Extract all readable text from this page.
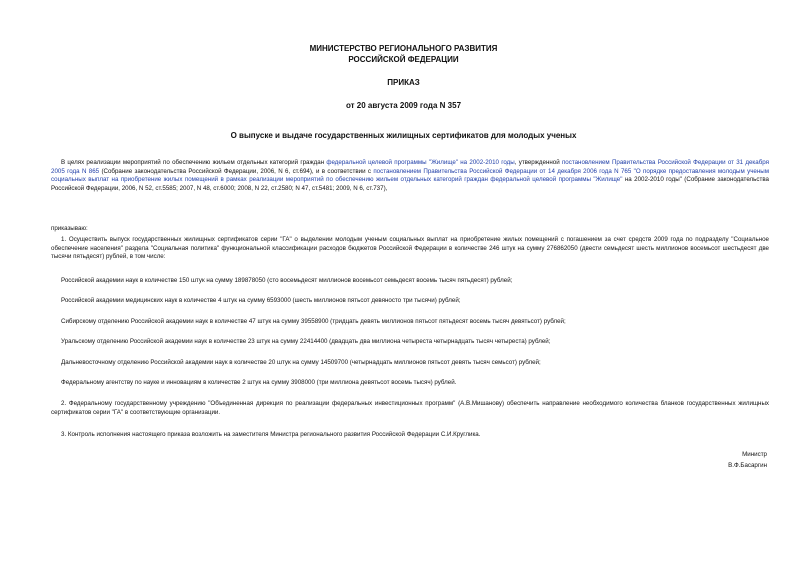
МИНИСТЕРСТВО РЕГИОНАЛЬНОГО РАЗВИТИЯ
РОССИЙСКОЙ ФЕДЕРАЦИИ
ПРИКАЗ
от 20 августа 2009 года N 357
О выпуске и выдаче государственных жилищных сертификатов для молодых ученых
В целях реализации мероприятий по обеспечению жильем отдельных категорий граждан федеральной целевой программы "Жилище" на 2002-2010 годы, утвержденной постановлением Правительства Российской Федерации от 31 декабря 2005 года N 865 (Собрание законодательства Российской Федерации, 2006, N 6, ст.694), и в соответствии с постановлением Правительства Российской Федерации от 14 декабря 2006 года N 765 "О порядке предоставления молодым ученым социальных выплат на приобретение жилых помещений в рамках реализации мероприятий по обеспечению жильем отдельных категорий граждан федеральной целевой программы "Жилище" на 2002-2010 годы" (Собрание законодательства Российской Федерации, 2006, N 52, ст.5585; 2007, N 48, ст.6000; 2008, N 22, ст.2580; N 47, ст.5481; 2009, N 6, ст.737),
приказываю:
1. Осуществить выпуск государственных жилищных сертификатов серии "ГА" о выделении молодым ученым социальных выплат на приобретение жилых помещений с погашением за счет средств 2009 года по подразделу "Социальное обеспечение населения" раздела "Социальная политика" функциональной классификации расходов бюджетов Российской Федерации в количестве 246 штук на сумму 276862050 (двести семьдесят шесть миллионов восемьсот шестьдесят две тысячи пятьдесят) рублей, в том числе:
Российской академии наук в количестве 150 штук на сумму 189878050 (сто восемьдесят миллионов восемьсот семьдесят восемь тысяч пятьдесят) рублей;
Российской академии медицинских наук в количестве 4 штук на сумму 6593000 (шесть миллионов пятьсот девяносто три тысячи) рублей;
Сибирскому отделению Российской академии наук в количестве 47 штук на сумму 39558900 (тридцать девять миллионов пятьсот пятьдесят восемь тысяч девятьсот) рублей;
Уральскому отделению Российской академии наук в количестве 23 штук на сумму 22414400 (двадцать два миллиона четыреста четырнадцать тысяч четыреста) рублей;
Дальневосточному отделению Российской академии наук в количестве 20 штук на сумму 14509700 (четырнадцать миллионов пятьсот девять тысяч семьсот) рублей;
Федеральному агентству по науке и инновациям в количестве 2 штук на сумму 3908000 (три миллиона девятьсот восемь тысяч) рублей.
2. Федеральному государственному учреждению "Объединенная дирекция по реализации федеральных инвестиционных программ" (А.В.Мишанову) обеспечить направление необходимого количества бланков государственных жилищных сертификатов серии "ГА" в соответствующие организации.
3. Контроль исполнения настоящего приказа возложить на заместителя Министра регионального развития Российской Федерации С.И.Круглика.
Министр
В.Ф.Басаргин
